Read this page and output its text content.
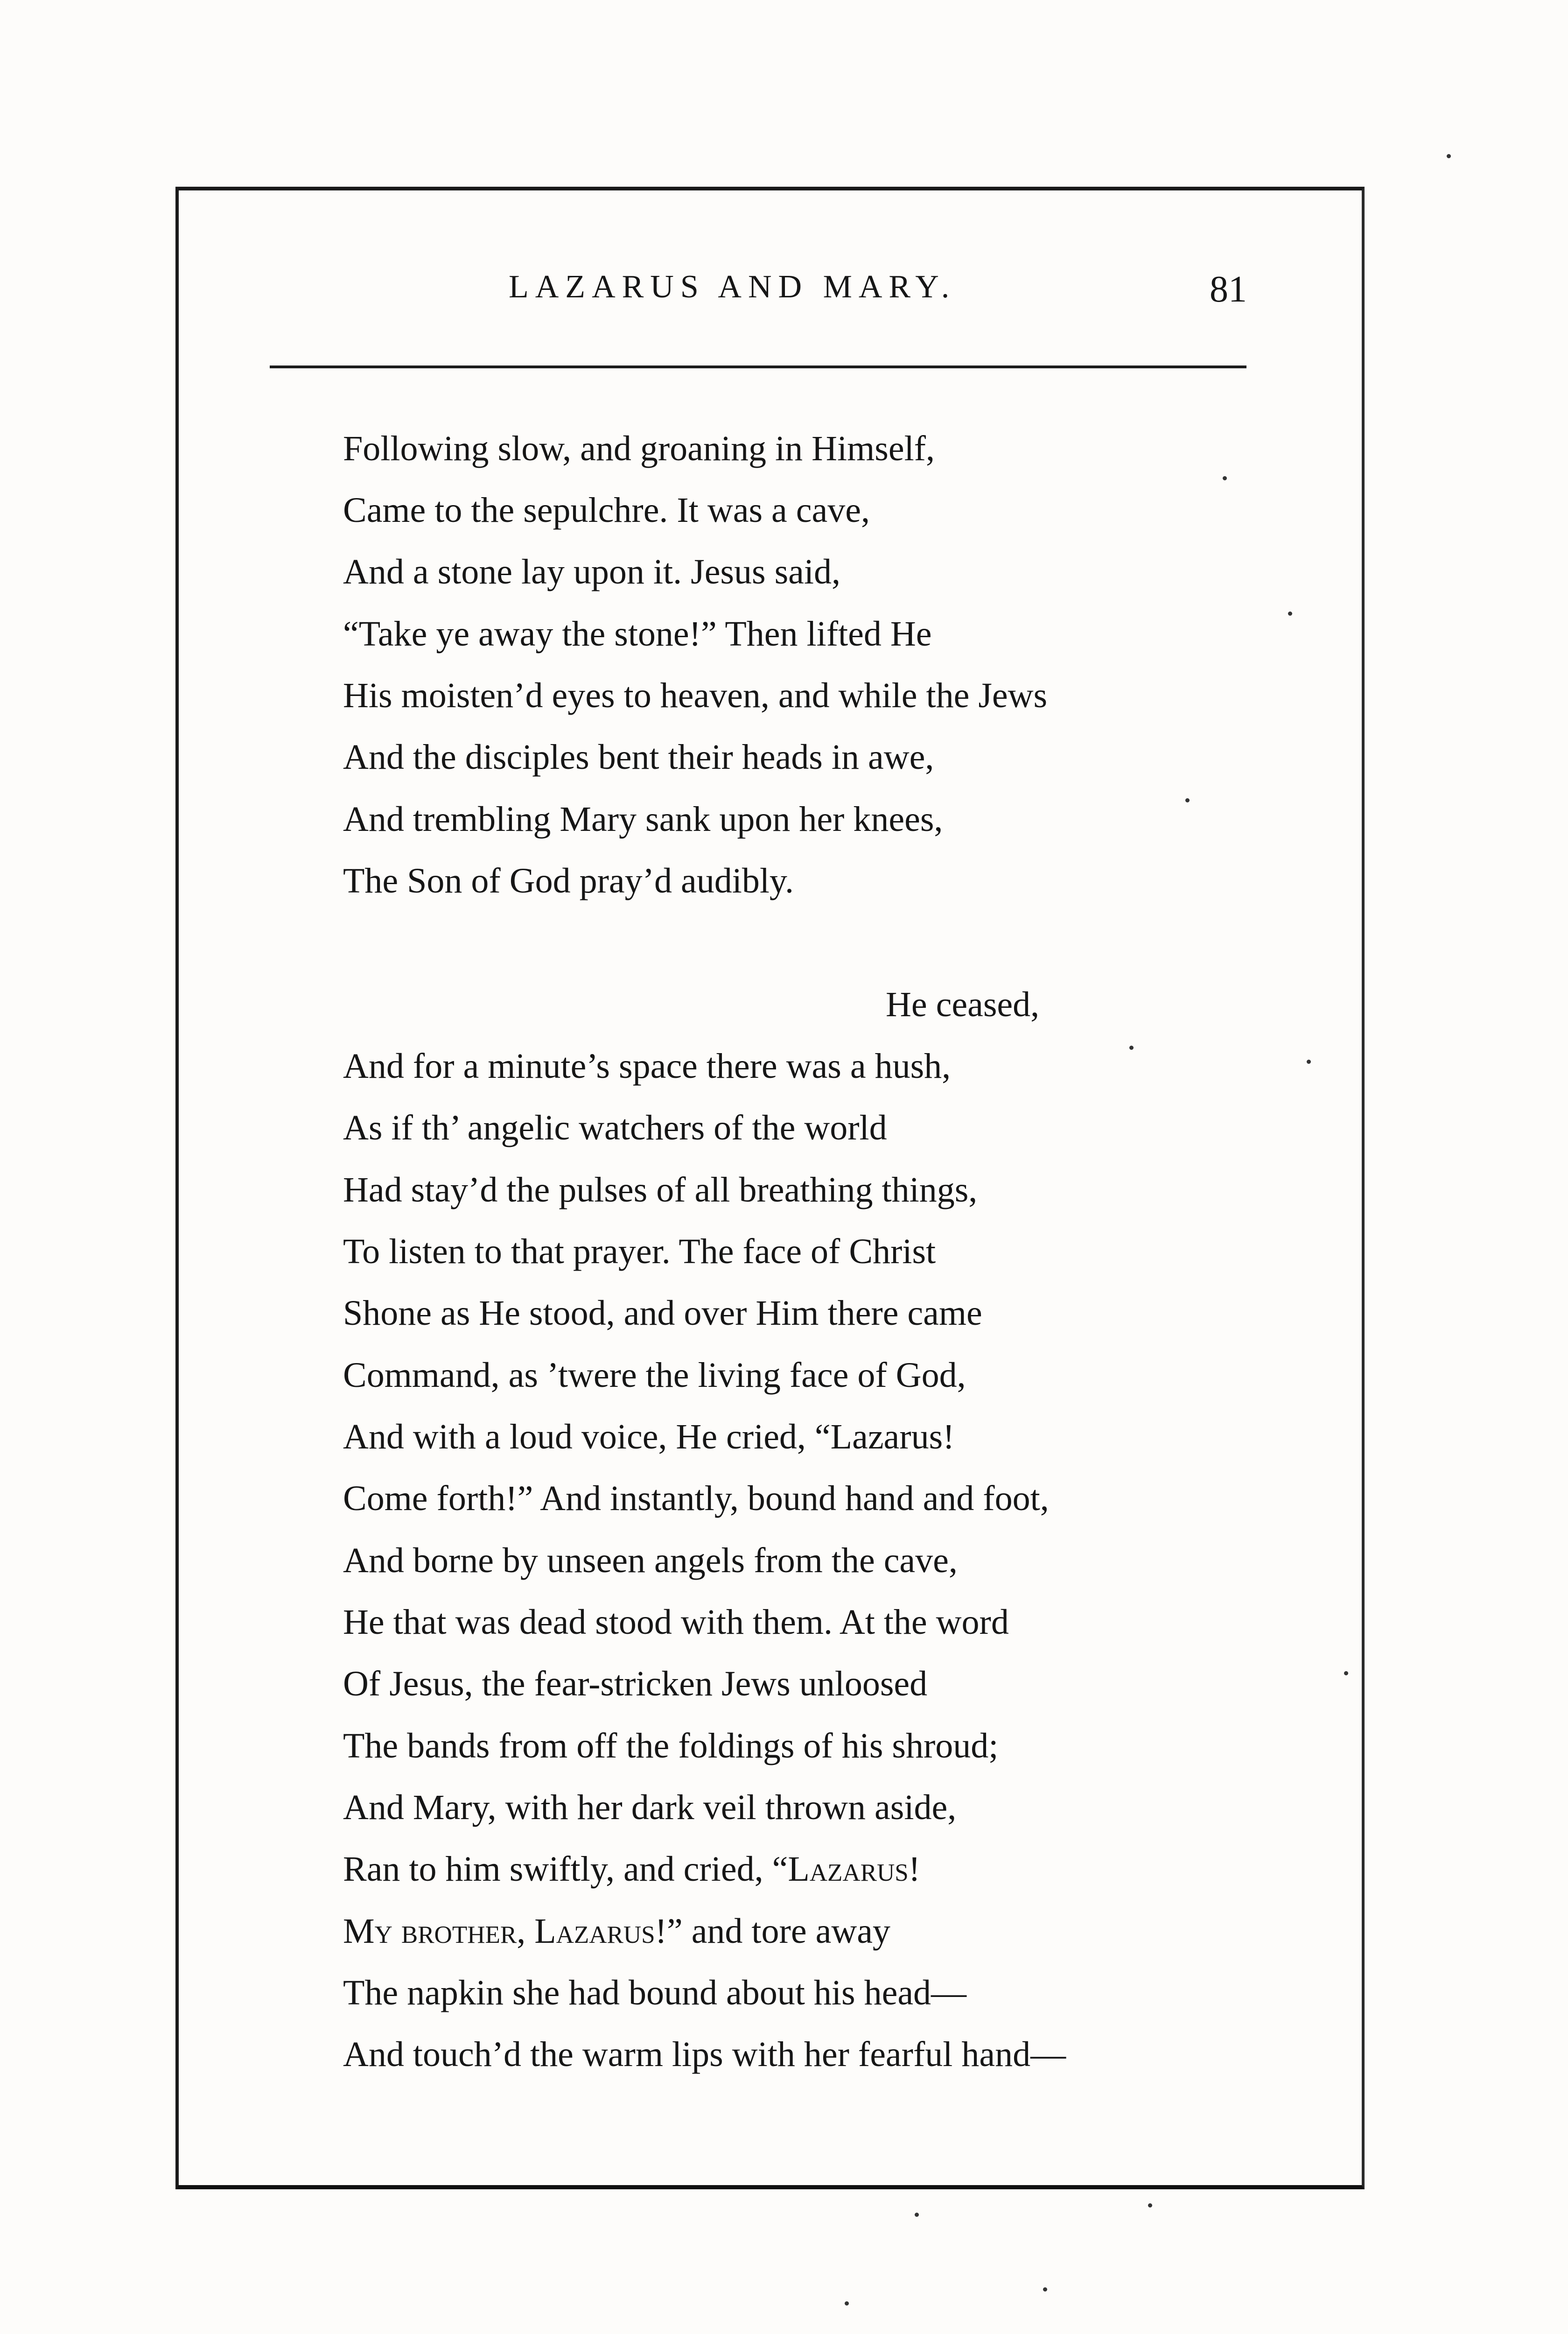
LAZARUS AND MARY.	81
Following slow, and groaning in Himself,
Came to the sepulchre. It was a cave,
And a stone lay upon it. Jesus said,
“Take ye away the stone!” Then lifted He
His moisten’d eyes to heaven, and while the Jews
And the disciples bent their heads in awe,
And trembling Mary sank upon her knees,
The Son of God pray’d audibly.
He ceased,
And for a minute’s space there was a hush,
As if th’ angelic watchers of the world
Had stay’d the pulses of all breathing things,
To listen to that prayer. The face of Christ
Shone as He stood, and over Him there came
Command, as ’twere the living face of God,
And with a loud voice, He cried, “Lazarus!
Come forth!” And instantly, bound hand and foot,
And borne by unseen angels from the cave,
He that was dead stood with them. At the word
Of Jesus, the fear-stricken Jews unloosed
The bands from off the foldings of his shroud;
And Mary, with her dark veil thrown aside,
Ran to him swiftly, and cried, “Lazarus!
My brother, Lazarus!” and tore away
The napkin she had bound about his head—
And touch’d the warm lips with her fearful hand—
